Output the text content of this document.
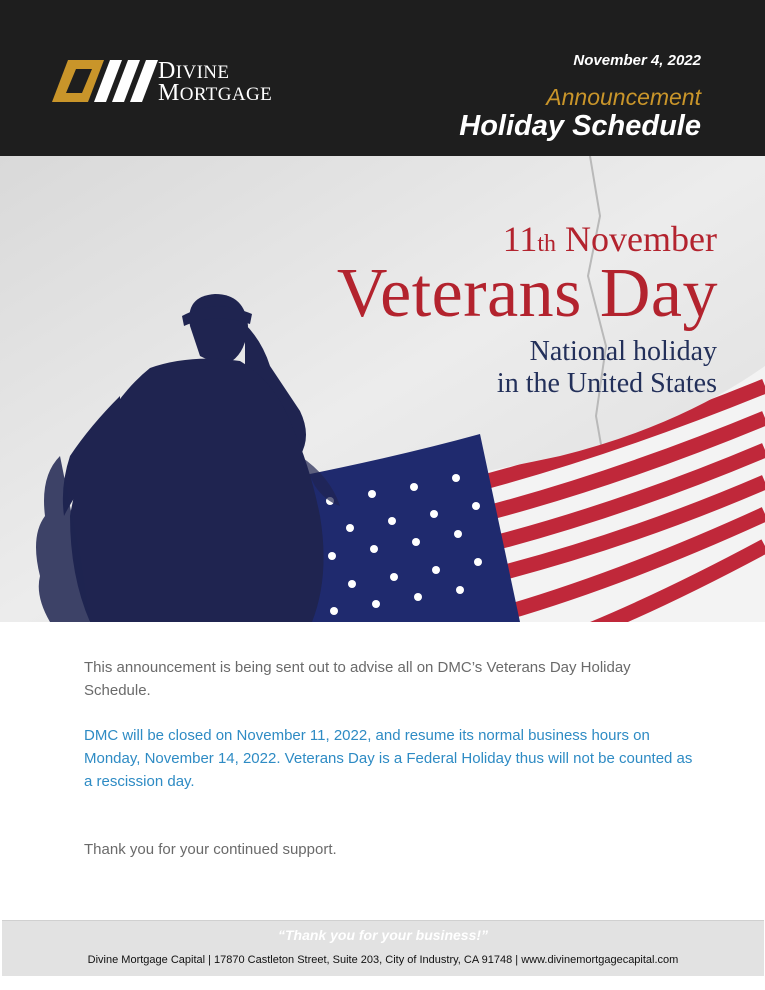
DIVINE
MORTGAGE
November 4, 2022
Announcement
Holiday Schedule
11th November
Veterans Day
National holiday
in the United States

This announcement is being sent out to advise all on DMC’s Veterans Day Holiday Schedule.

DMC will be closed on November 11, 2022, and resume its normal business hours on Monday, November 14, 2022. Veterans Day is a Federal Holiday thus will not be counted as a rescission day.

Thank you for your continued support.

“Thank you for your business!”
Divine Mortgage Capital | 17870 Castleton Street, Suite 203, City of Industry, CA 91748 | www.divinemortgagecapital.com
